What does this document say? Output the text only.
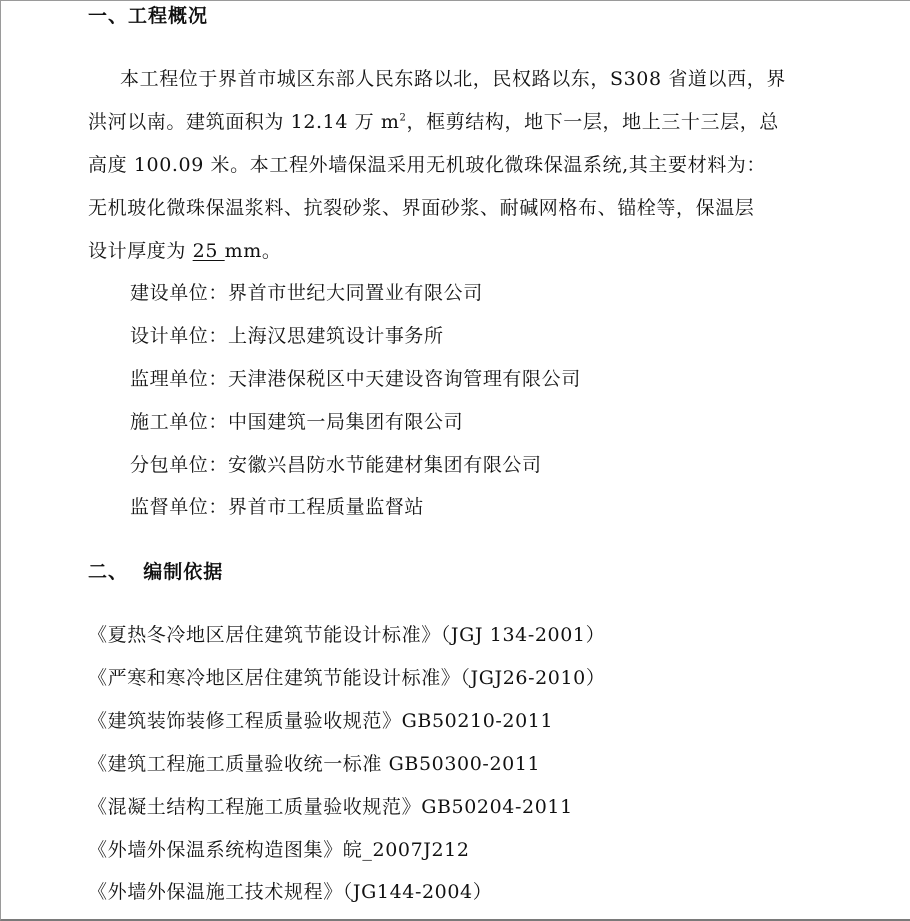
一、工程概况
本工程位于界首市城区东部人民东路以北，民权路以东，S308 省道以西，界
洪河以南。建筑面积为 12.14 万 $m^2$，框剪结构，地下一层，地上三十三层，总
高度 100.09 米。本工程外墙保温采用无机玻化微珠保温系统,其主要材料为：
无机玻化微珠保温浆料、抗裂砂浆、界面砂浆、耐碱网格布、锚栓等，保温层
设计厚度为 25 mm。
建设单位：界首市世纪大同置业有限公司
设计单位：上海汉思建筑设计事务所
监理单位：天津港保税区中天建设咨询管理有限公司
施工单位：中国建筑一局集团有限公司
分包单位：安徽兴昌防水节能建材集团有限公司
监督单位：界首市工程质量监督站
二、  编制依据
《夏热冬冷地区居住建筑节能设计标准》（JGJ 134-2001）
《严寒和寒冷地区居住建筑节能设计标准》（JGJ26-2010）
《建筑装饰装修工程质量验收规范》GB50210-2011
《建筑工程施工质量验收统一标准 GB50300-2011
《混凝土结构工程施工质量验收规范》GB50204-2011
《外墙外保温系统构造图集》皖_2007J212
《外墙外保温施工技术规程》（JG144-2004）
